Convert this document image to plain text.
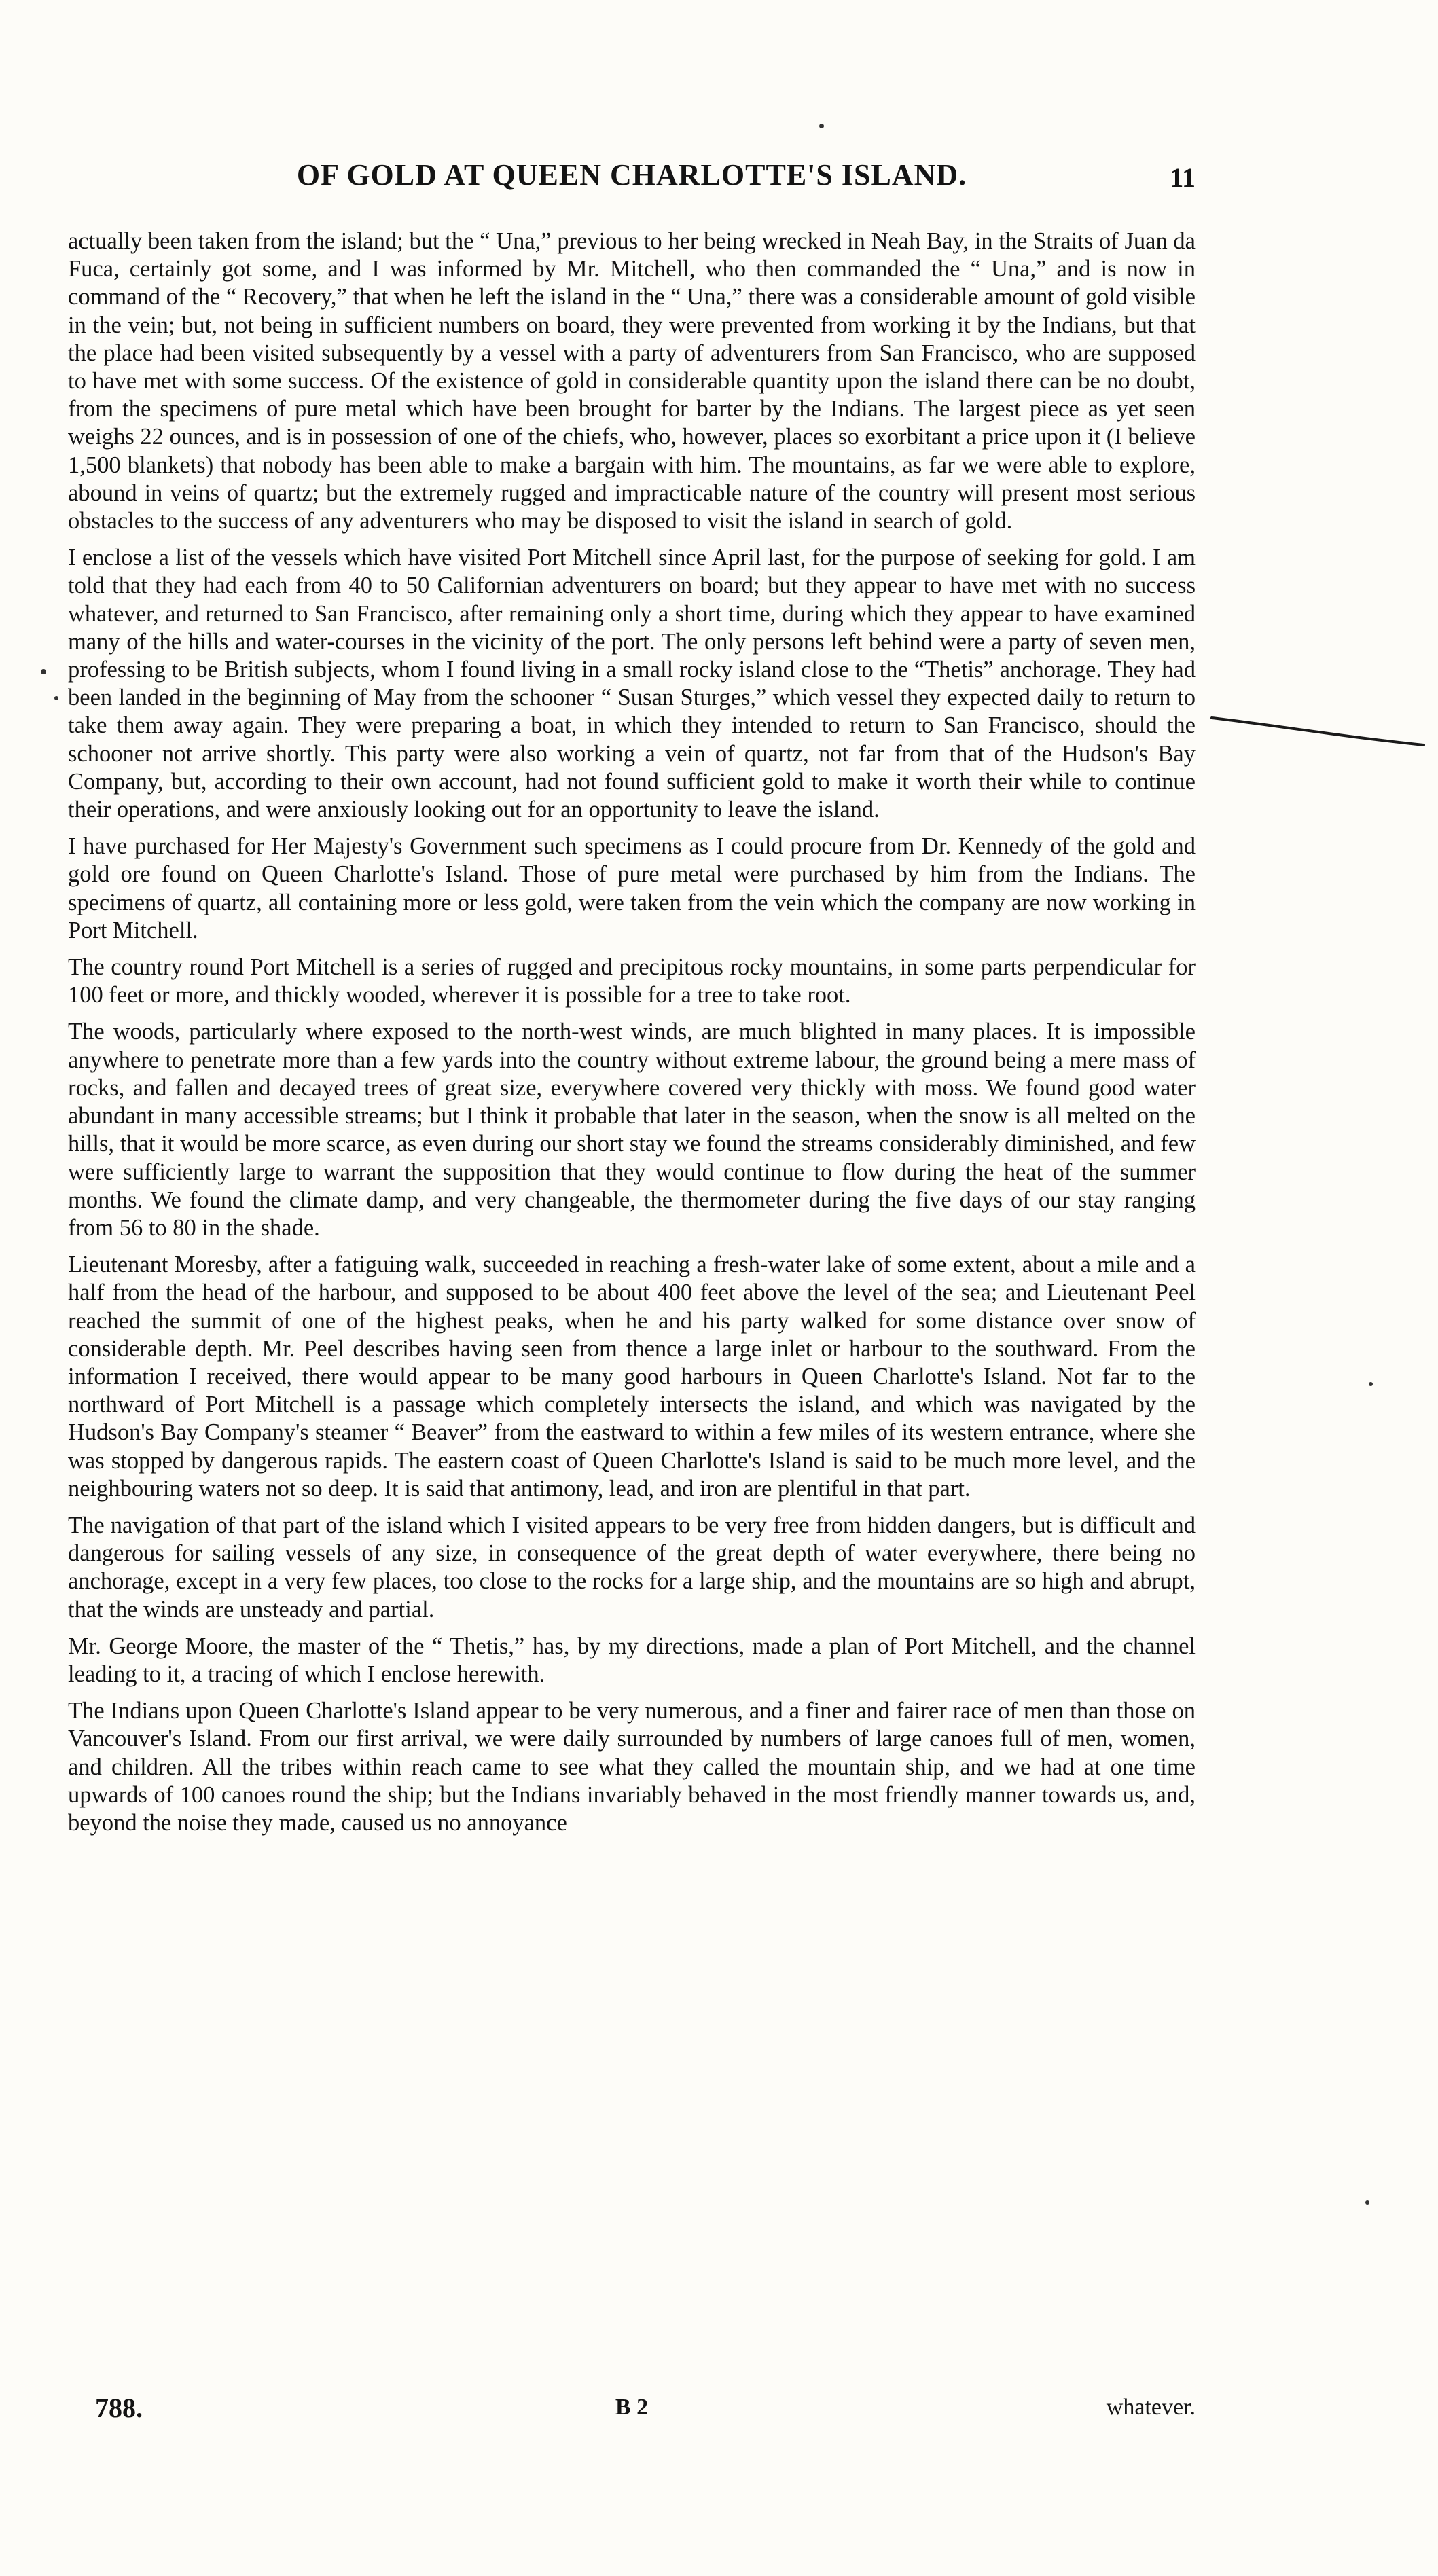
OF GOLD AT QUEEN CHARLOTTE'S ISLAND.	11

actually been taken from the island; but the “ Una,” previous to her being wrecked in Neah Bay, in the Straits of Juan da Fuca, certainly got some, and I was informed by Mr. Mitchell, who then commanded the “ Una,” and is now in command of the “ Recovery,” that when he left the island in the “ Una,” there was a considerable amount of gold visible in the vein; but, not being in sufficient numbers on board, they were prevented from working it by the Indians, but that the place had been visited subsequently by a vessel with a party of adventurers from San Francisco, who are supposed to have met with some success. Of the existence of gold in considerable quantity upon the island there can be no doubt, from the specimens of pure metal which have been brought for barter by the Indians. The largest piece as yet seen weighs 22 ounces, and is in possession of one of the chiefs, who, however, places so exorbitant a price upon it (I believe 1,500 blankets) that nobody has been able to make a bargain with him. The mountains, as far we were able to explore, abound in veins of quartz; but the extremely rugged and impracticable nature of the country will present most serious obstacles to the success of any adventurers who may be disposed to visit the island in search of gold.

I enclose a list of the vessels which have visited Port Mitchell since April last, for the purpose of seeking for gold. I am told that they had each from 40 to 50 Californian adventurers on board; but they appear to have met with no success whatever, and returned to San Francisco, after remaining only a short time, during which they appear to have examined many of the hills and water-courses in the vicinity of the port. The only persons left behind were a party of seven men, professing to be British subjects, whom I found living in a small rocky island close to the “Thetis” anchorage. They had been landed in the beginning of May from the schooner “ Susan Sturges,” which vessel they expected daily to return to take them away again. They were preparing a boat, in which they intended to return to San Francisco, should the schooner not arrive shortly. This party were also working a vein of quartz, not far from that of the Hudson's Bay Company, but, according to their own account, had not found sufficient gold to make it worth their while to continue their operations, and were anxiously looking out for an opportunity to leave the island.

I have purchased for Her Majesty's Government such specimens as I could procure from Dr. Kennedy of the gold and gold ore found on Queen Charlotte's Island. Those of pure metal were purchased by him from the Indians. The specimens of quartz, all containing more or less gold, were taken from the vein which the company are now working in Port Mitchell.

The country round Port Mitchell is a series of rugged and precipitous rocky mountains, in some parts perpendicular for 100 feet or more, and thickly wooded, wherever it is possible for a tree to take root.

The woods, particularly where exposed to the north-west winds, are much blighted in many places. It is impossible anywhere to penetrate more than a few yards into the country without extreme labour, the ground being a mere mass of rocks, and fallen and decayed trees of great size, everywhere covered very thickly with moss. We found good water abundant in many accessible streams; but I think it probable that later in the season, when the snow is all melted on the hills, that it would be more scarce, as even during our short stay we found the streams considerably diminished, and few were sufficiently large to warrant the supposition that they would continue to flow during the heat of the summer months. We found the climate damp, and very changeable, the thermometer during the five days of our stay ranging from 56 to 80 in the shade.

Lieutenant Moresby, after a fatiguing walk, succeeded in reaching a fresh-water lake of some extent, about a mile and a half from the head of the harbour, and supposed to be about 400 feet above the level of the sea; and Lieutenant Peel reached the summit of one of the highest peaks, when he and his party walked for some distance over snow of considerable depth. Mr. Peel describes having seen from thence a large inlet or harbour to the southward. From the information I received, there would appear to be many good harbours in Queen Charlotte's Island. Not far to the northward of Port Mitchell is a passage which completely intersects the island, and which was navigated by the Hudson's Bay Company's steamer “ Beaver” from the eastward to within a few miles of its western entrance, where she was stopped by dangerous rapids. The eastern coast of Queen Charlotte's Island is said to be much more level, and the neighbouring waters not so deep. It is said that antimony, lead, and iron are plentiful in that part.

The navigation of that part of the island which I visited appears to be very free from hidden dangers, but is difficult and dangerous for sailing vessels of any size, in consequence of the great depth of water everywhere, there being no anchorage, except in a very few places, too close to the rocks for a large ship, and the mountains are so high and abrupt, that the winds are unsteady and partial.

Mr. George Moore, the master of the “ Thetis,” has, by my directions, made a plan of Port Mitchell, and the channel leading to it, a tracing of which I enclose herewith.

The Indians upon Queen Charlotte's Island appear to be very numerous, and a finer and fairer race of men than those on Vancouver's Island. From our first arrival, we were daily surrounded by numbers of large canoes full of men, women, and children. All the tribes within reach came to see what they called the mountain ship, and we had at one time upwards of 100 canoes round the ship; but the Indians invariably behaved in the most friendly manner towards us, and, beyond the noise they made, caused us no annoyance

788.	B 2	whatever.
